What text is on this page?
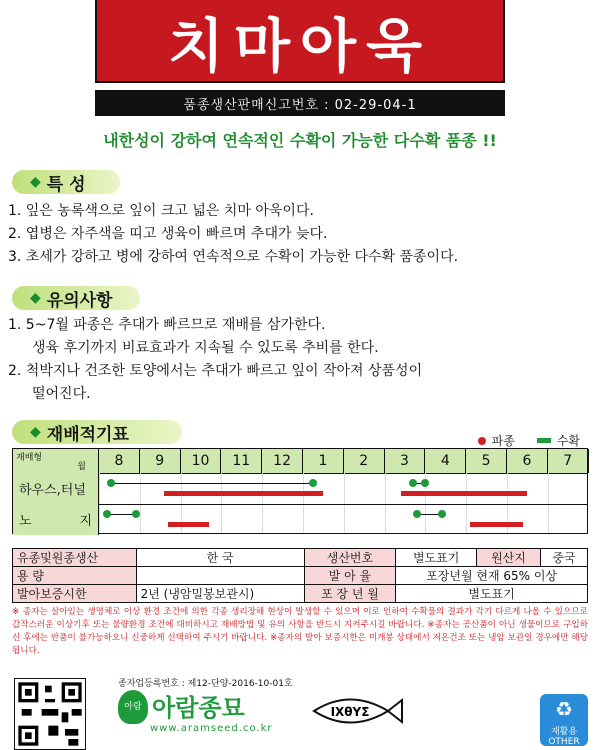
치마아욱
품종생산판매신고번호 : 02-29-04-1
내한성이 강하여 연속적인 수확이 가능한 다수확 품종 !!
◆ 특 성
1. 잎은 농록색으로 잎이 크고 넓은 치마 아욱이다.
2. 엽병은 자주색을 띠고 생육이 빠르며 추대가 늦다.
3. 초세가 강하고 병에 강하여 연속적으로 수확이 가능한 다수확 품종이다.
◆ 유의사항
1. 5~7월 파종은 추대가 빠르므로 재배를 삼가한다.
생육 후기까지 비료효과가 지속될 수 있도록 추비를 한다.
2. 척박지나 건조한 토양에서는 추대가 빠르고 잎이 작아져 상품성이
떨어진다.
◆ 재배적기표	파종	수확
재배형
월	8	9	10	11	12	1	2	3	4	5	6	7
하우스,터널
노	지
유종및원종생산	한 국	생산번호	별도표기	원산지	중국
용 량		발 아 율	포장년월 현재 65% 이상		
발아보증시한	2년 (냉암밀봉보관시)	포 장 년 월	별도표기		
※ 종자는 살아있는 생명체로 이상 환경 조건에 의한 각종 생리장해 현상이 발생할 수 있으며 이로 인하여 수확물의 결과가 각기 다르게 나올 수 있으므로 갑작스러운 이상기후 또는 불량환경 조건에 대비하시고 재배방법 및 유의 사항을 반드시 지켜주시길 바랍니다. ※종자는 공산품이 아닌 생물이므로 구입하신 후에는 반품이 불가능하오니 신중하게 선택하여 주시기 바랍니다. ※종자의 발아 보증시한은 미개봉 상태에서 저온건조 또는 냉암 보관일 경우에만 해당됩니다.
종자업등록번호 : 제12-단양-2016-10-01호
아람 아람종묘
www.aramseed.co.kr
IXθYΣ	♻
재활용
OTHER
